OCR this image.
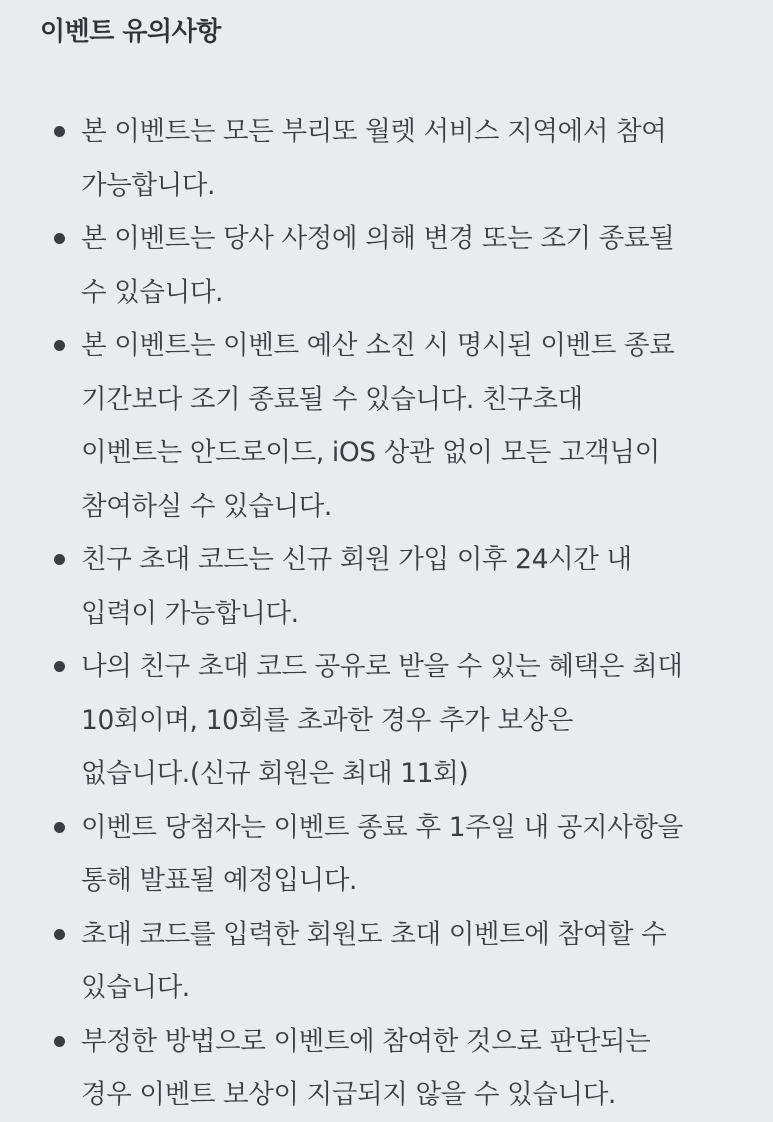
이벤트 유의사항
본 이벤트는 모든 부리또 월렛 서비스 지역에서 참여
가능합니다.
본 이벤트는 당사 사정에 의해 변경 또는 조기 종료될
수 있습니다.
본 이벤트는 이벤트 예산 소진 시 명시된 이벤트 종료
기간보다 조기 종료될 수 있습니다. 친구초대
이벤트는 안드로이드, iOS 상관 없이 모든 고객님이
참여하실 수 있습니다.
친구 초대 코드는 신규 회원 가입 이후 24시간 내
입력이 가능합니다.
나의 친구 초대 코드 공유로 받을 수 있는 혜택은 최대
10회이며, 10회를 초과한 경우 추가 보상은
없습니다.(신규 회원은 최대 11회)
이벤트 당첨자는 이벤트 종료 후 1주일 내 공지사항을
통해 발표될 예정입니다.
초대 코드를 입력한 회원도 초대 이벤트에 참여할 수
있습니다.
부정한 방법으로 이벤트에 참여한 것으로 판단되는
경우 이벤트 보상이 지급되지 않을 수 있습니다.
